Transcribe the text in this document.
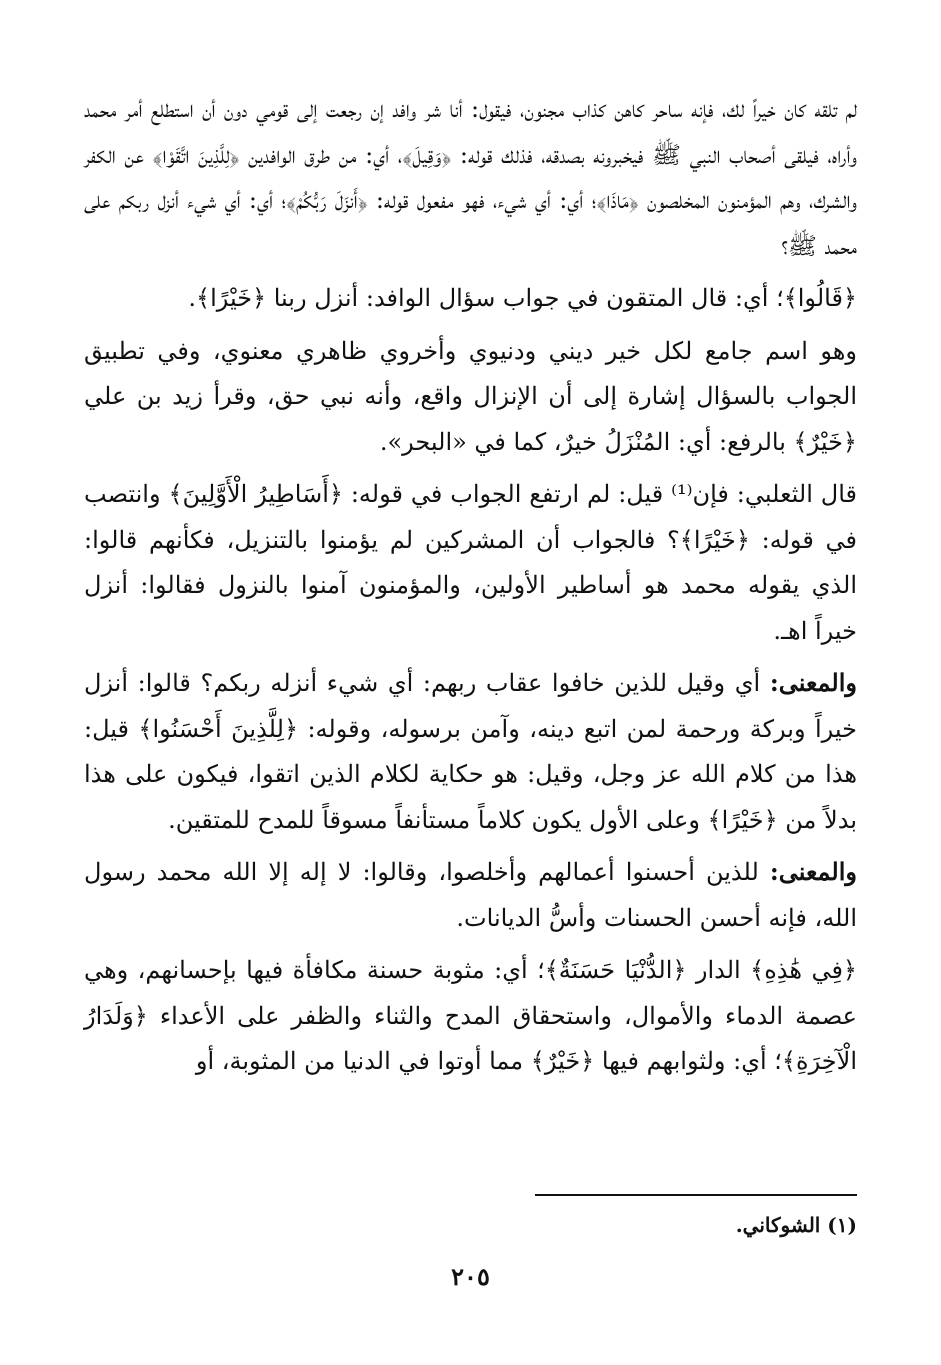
لم تلقه كان خيراً لك، فإنه ساحر كاهن كذاب مجنون، فيقول: أنا شر وافد إن رجعت إلى قومي دون أن استطلع أمر محمد وأراه، فيلقى أصحاب النبي ﷺ فيخبرونه بصدقه، فذلك قوله: ﴿وَقِيلَ﴾، أي: من طرق الوافدين ﴿لِلَّذِينَ اتَّقَوْا﴾ عن الكفر والشرك، وهم المؤمنون المخلصون ﴿مَاذَا﴾؛ أي: أي شيء، فهو مفعول قوله: ﴿أَنزَلَ رَبُّكُمْ﴾؛ أي: أي شيء أنزل ربكم على محمد ﷺ؟

﴿قَالُوا﴾؛ أي: قال المتقون في جواب سؤال الوافد: أنزل ربنا ﴿خَيْرًا﴾.

وهو اسم جامع لكل خير ديني ودنيوي وأخروي ظاهري معنوي، وفي تطبيق الجواب بالسؤال إشارة إلى أن الإنزال واقع، وأنه نبي حق، وقرأ زيد بن علي ﴿خَيْرٌ﴾ بالرفع: أي: المُنْزَلُ خيرٌ، كما في «البحر».

قال الثعلبي: فإن⁽¹⁾ قيل: لم ارتفع الجواب في قوله: ﴿أَسَاطِيرُ الْأَوَّلِينَ﴾ وانتصب في قوله: ﴿خَيْرًا﴾؟ فالجواب أن المشركين لم يؤمنوا بالتنزيل، فكأنهم قالوا: الذي يقوله محمد هو أساطير الأولين، والمؤمنون آمنوا بالنزول فقالوا: أنزل خيراً اهـ.

والمعنى: أي وقيل للذين خافوا عقاب ربهم: أي شيء أنزله ربكم؟ قالوا: أنزل خيراً وبركة ورحمة لمن اتبع دينه، وآمن برسوله، وقوله: ﴿لِلَّذِينَ أَحْسَنُوا﴾ قيل: هذا من كلام الله عز وجل، وقيل: هو حكاية لكلام الذين اتقوا، فيكون على هذا بدلاً من ﴿خَيْرًا﴾ وعلى الأول يكون كلاماً مستأنفاً مسوقاً للمدح للمتقين.

والمعنى: للذين أحسنوا أعمالهم وأخلصوا، وقالوا: لا إله إلا الله محمد رسول الله، فإنه أحسن الحسنات وأسُّ الديانات.

﴿فِي هَٰذِهِ﴾ الدار ﴿الدُّنْيَا حَسَنَةٌ﴾؛ أي: مثوبة حسنة مكافأة فيها بإحسانهم، وهي عصمة الدماء والأموال، واستحقاق المدح والثناء والظفر على الأعداء ﴿وَلَدَارُ الْآخِرَةِ﴾؛ أي: ولثوابهم فيها ﴿خَيْرٌ﴾ مما أوتوا في الدنيا من المثوبة، أو

(١) الشوكاني.
٢٠٥
